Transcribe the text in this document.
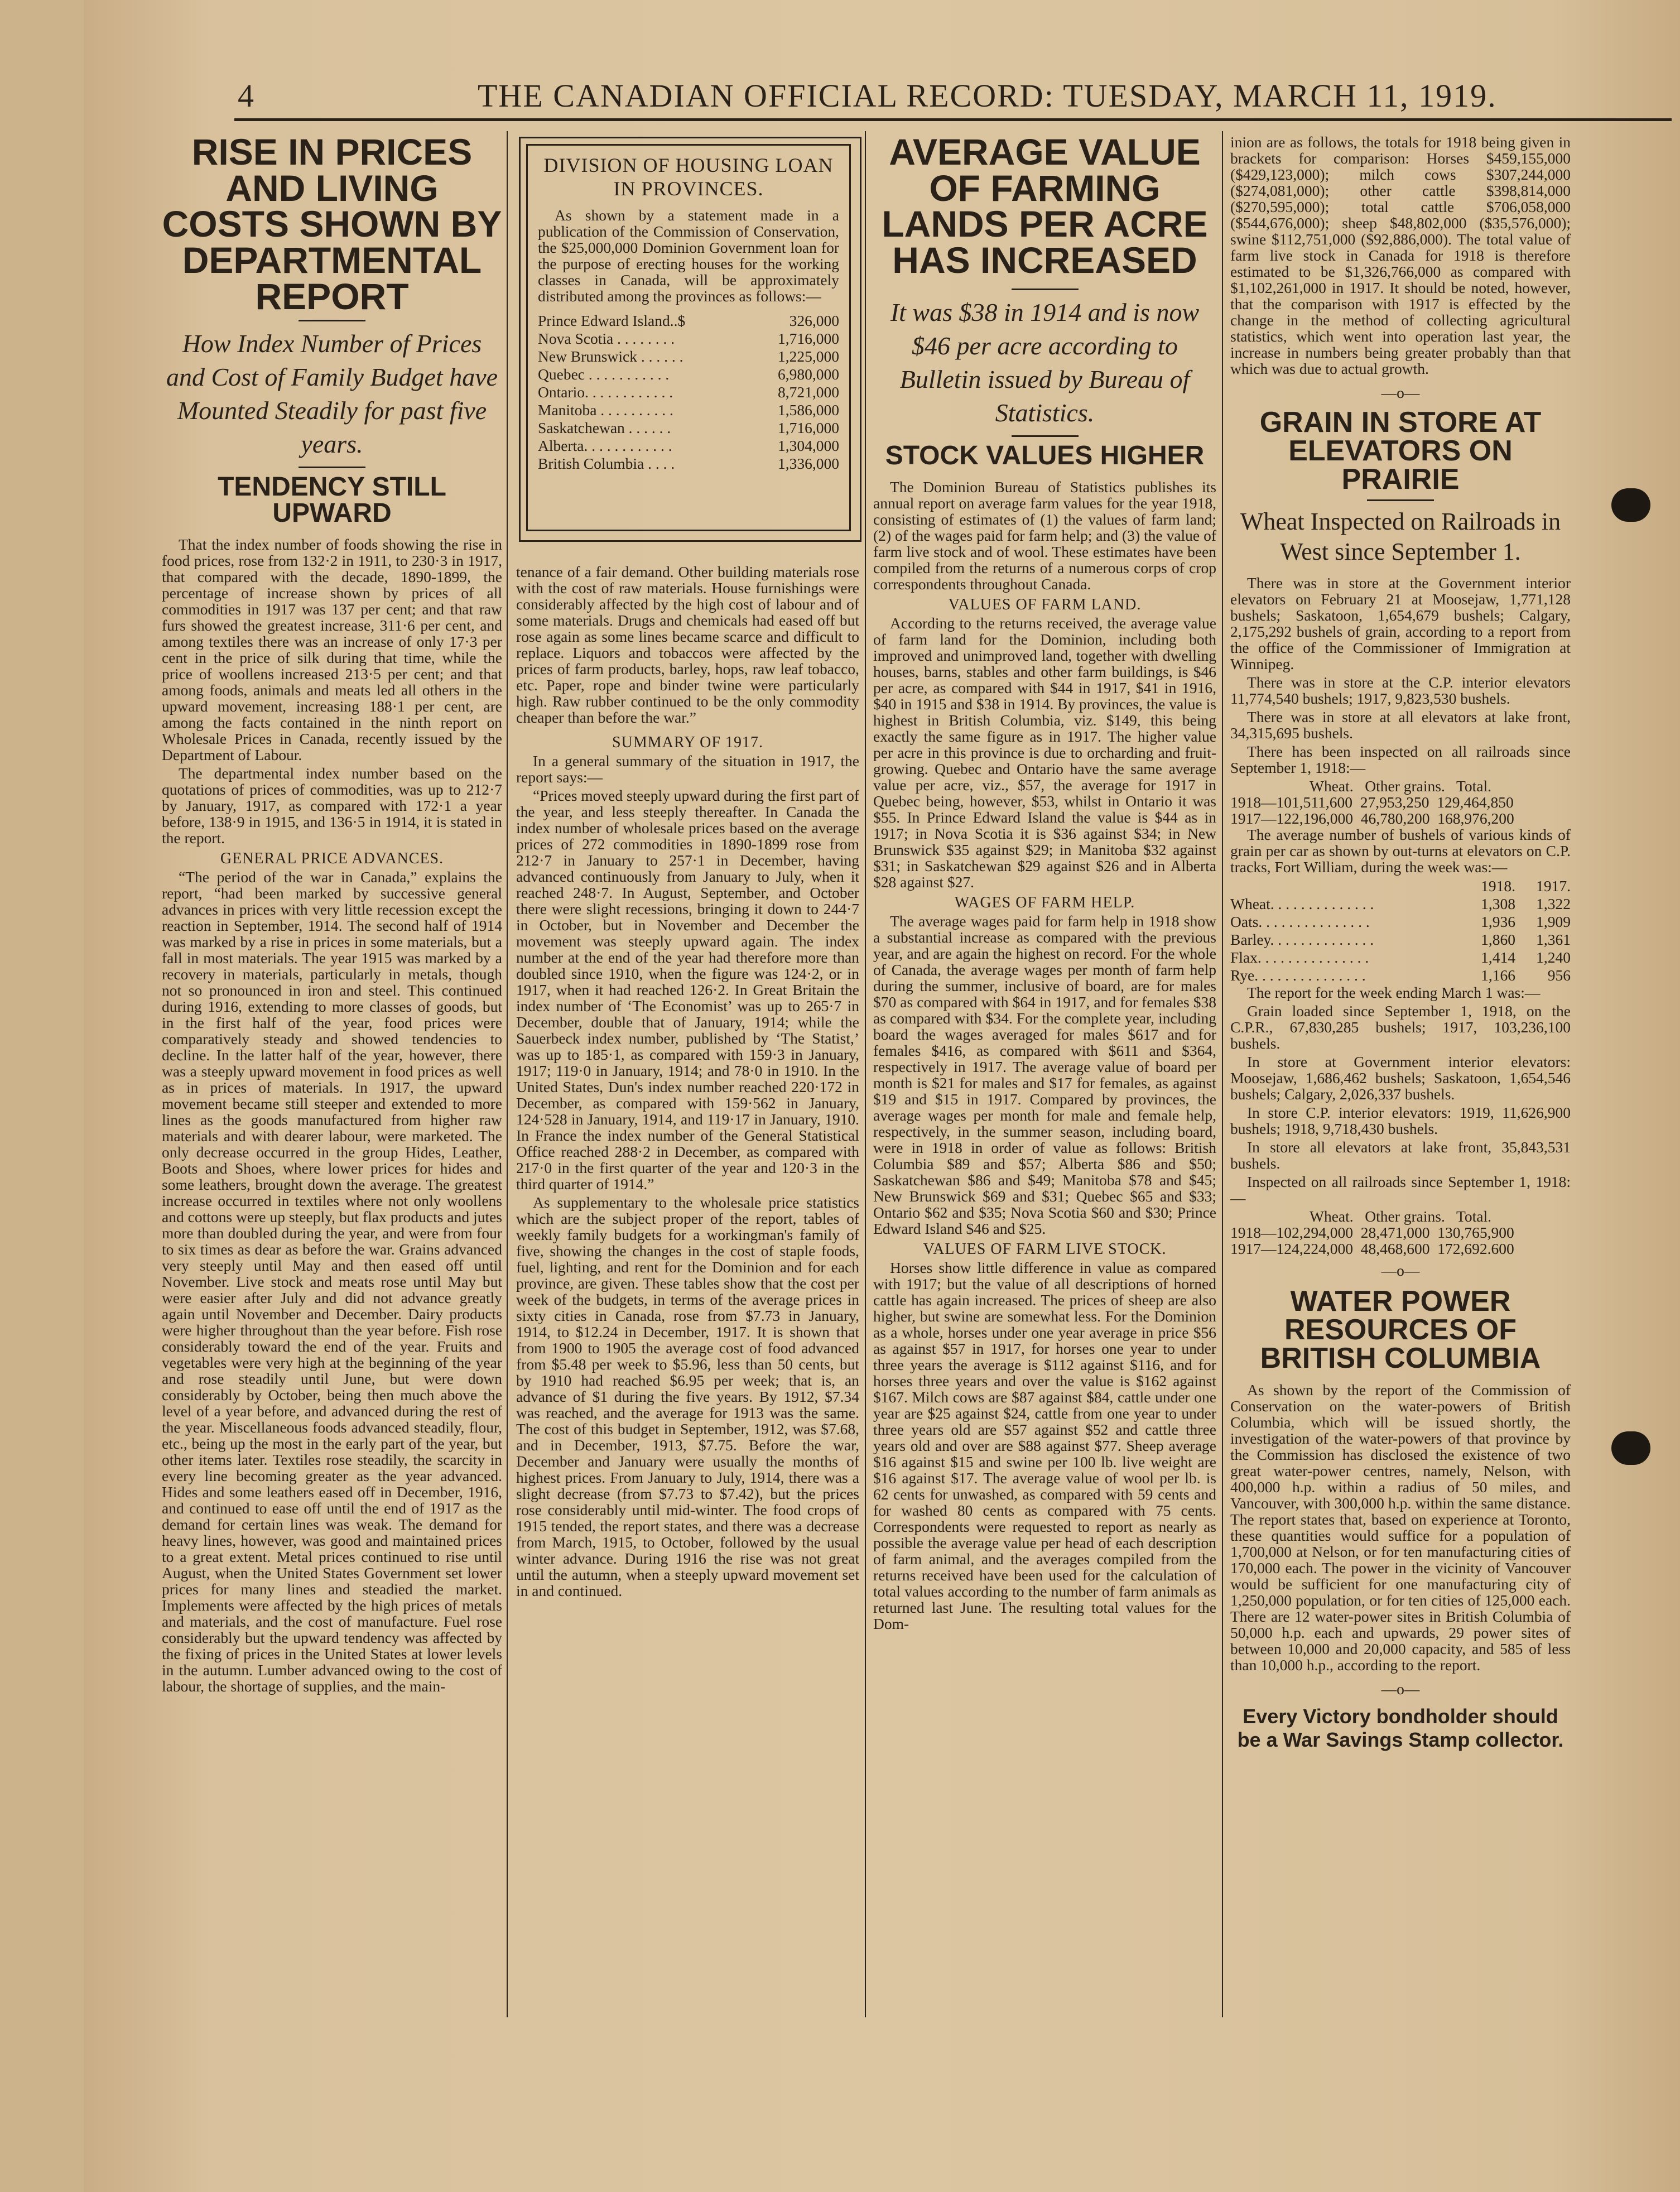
4	THE CANADIAN OFFICIAL RECORD: TUESDAY, MARCH 11, 1919.
RISE IN PRICES AND LIVING COSTS SHOWN BY DEPARTMENTAL REPORT
How Index Number of Prices and Cost of Family Budget have Mounted Steadily for past five years.
TENDENCY STILL UPWARD

That the index number of foods showing the rise in food prices, rose from 132·2 in 1911, to 230·3 in 1917, that compared with the decade, 1890-1899, the percentage of increase shown by prices of all commodities in 1917 was 137 per cent; and that raw furs showed the greatest increase, 311·6 per cent, and among textiles there was an increase of only 17·3 per cent in the price of silk during that time, while the price of woollens increased 213·5 per cent; and that among foods, animals and meats led all others in the upward movement, increasing 188·1 per cent, are among the facts contained in the ninth report on Wholesale Prices in Canada, recently issued by the Department of Labour.

The departmental index number based on the quotations of prices of commodities, was up to 212·7 by January, 1917, as compared with 172·1 a year before, 138·9 in 1915, and 136·5 in 1914, it is stated in the report.

GENERAL PRICE ADVANCES.

“The period of the war in Canada,” explains the report, “had been marked by successive general advances in prices with very little recession except the reaction in September, 1914. The second half of 1914 was marked by a rise in prices in some materials, but a fall in most materials. The year 1915 was marked by a recovery in materials, particularly in metals, though not so pronounced in iron and steel. This continued during 1916, extending to more classes of goods, but in the first half of the year, food prices were comparatively steady and showed tendencies to decline. In the latter half of the year, however, there was a steeply upward movement in food prices as well as in prices of materials. In 1917, the upward movement became still steeper and extended to more lines as the goods manufactured from higher raw materials and with dearer labour, were marketed. The only decrease occurred in the group Hides, Leather, Boots and Shoes, where lower prices for hides and some leathers, brought down the average. The greatest increase occurred in textiles where not only woollens and cottons were up steeply, but flax products and jutes more than doubled during the year, and were from four to six times as dear as before the war. Grains advanced very steeply until May and then eased off until November. Live stock and meats rose until May but were easier after July and did not advance greatly again until November and December. Dairy products were higher throughout than the year before. Fish rose considerably toward the end of the year. Fruits and vegetables were very high at the beginning of the year and rose steadily until June, but were down considerably by October, being then much above the level of a year before, and advanced during the rest of the year. Miscellaneous foods advanced steadily, flour, etc., being up the most in the early part of the year, but other items later. Textiles rose steadily, the scarcity in every line becoming greater as the year advanced. Hides and some leathers eased off in December, 1916, and continued to ease off until the end of 1917 as the demand for certain lines was weak. The demand for heavy lines, however, was good and maintained prices to a great extent. Metal prices continued to rise until August, when the United States Government set lower prices for many lines and steadied the market. Implements were affected by the high prices of metals and materials, and the cost of manufacture. Fuel rose considerably but the upward tendency was affected by the fixing of prices in the United States at lower levels in the autumn. Lumber advanced owing to the cost of labour, the shortage of supplies, and the main-

DIVISION OF HOUSING LOAN IN PROVINCES.

As shown by a statement made in a publication of the Commission of Conservation, the $25,000,000 Dominion Government loan for the purpose of erecting houses for the working classes in Canada, will be approximately distributed among the provinces as follows:—

Prince Edward Island..$	326,000
Nova Scotia . . . . . . . .	1,716,000
New Brunswick . . . . . .	1,225,000
Quebec . . . . . . . . . . .	6,980,000
Ontario. . . . . . . . . . . .	8,721,000
Manitoba . . . . . . . . . .	1,586,000
Saskatchewan . . . . . .	1,716,000
Alberta. . . . . . . . . . . .	1,304,000
British Columbia . . . .	1,336,000

tenance of a fair demand. Other building materials rose with the cost of raw materials. House furnishings were considerably affected by the high cost of labour and of some materials. Drugs and chemicals had eased off but rose again as some lines became scarce and difficult to replace. Liquors and tobaccos were affected by the prices of farm products, barley, hops, raw leaf tobacco, etc. Paper, rope and binder twine were particularly high. Raw rubber continued to be the only commodity cheaper than before the war.”

SUMMARY OF 1917.

In a general summary of the situation in 1917, the report says:—

“Prices moved steeply upward during the first part of the year, and less steeply thereafter. In Canada the index number of wholesale prices based on the average prices of 272 commodities in 1890-1899 rose from 212·7 in January to 257·1 in December, having advanced continuously from January to July, when it reached 248·7. In August, September, and October there were slight recessions, bringing it down to 244·7 in October, but in November and December the movement was steeply upward again. The index number at the end of the year had therefore more than doubled since 1910, when the figure was 124·2, or in 1917, when it had reached 126·2. In Great Britain the index number of ‘The Economist’ was up to 265·7 in December, double that of January, 1914; while the Sauerbeck index number, published by ‘The Statist,’ was up to 185·1, as compared with 159·3 in January, 1917; 119·0 in January, 1914; and 78·0 in 1910. In the United States, Dun's index number reached 220·172 in December, as compared with 159·562 in January, 124·528 in January, 1914, and 119·17 in January, 1910. In France the index number of the General Statistical Office reached 288·2 in December, as compared with 217·0 in the first quarter of the year and 120·3 in the third quarter of 1914.”

As supplementary to the wholesale price statistics which are the subject proper of the report, tables of weekly family budgets for a workingman's family of five, showing the changes in the cost of staple foods, fuel, lighting, and rent for the Dominion and for each province, are given. These tables show that the cost per week of the budgets, in terms of the average prices in sixty cities in Canada, rose from $7.73 in January, 1914, to $12.24 in December, 1917. It is shown that from 1900 to 1905 the average cost of food advanced from $5.48 per week to $5.96, less than 50 cents, but by 1910 had reached $6.95 per week; that is, an advance of $1 during the five years. By 1912, $7.34 was reached, and the average for 1913 was the same. The cost of this budget in September, 1912, was $7.68, and in December, 1913, $7.75. Before the war, December and January were usually the months of highest prices. From January to July, 1914, there was a slight decrease (from $7.73 to $7.42), but the prices rose considerably until mid-winter. The food crops of 1915 tended, the report states, and there was a decrease from March, 1915, to October, followed by the usual winter advance. During 1916 the rise was not great until the autumn, when a steeply upward movement set in and continued.

AVERAGE VALUE OF FARMING LANDS PER ACRE HAS INCREASED
It was $38 in 1914 and is now $46 per acre according to Bulletin issued by Bureau of Statistics.
STOCK VALUES HIGHER

The Dominion Bureau of Statistics publishes its annual report on average farm values for the year 1918, consisting of estimates of (1) the values of farm land; (2) of the wages paid for farm help; and (3) the value of farm live stock and of wool. These estimates have been compiled from the returns of a numerous corps of crop correspondents throughout Canada.

VALUES OF FARM LAND.

According to the returns received, the average value of farm land for the Dominion, including both improved and unimproved land, together with dwelling houses, barns, stables and other farm buildings, is $46 per acre, as compared with $44 in 1917, $41 in 1916, $40 in 1915 and $38 in 1914. By provinces, the value is highest in British Columbia, viz. $149, this being exactly the same figure as in 1917. The higher value per acre in this province is due to orcharding and fruit-growing. Quebec and Ontario have the same average value per acre, viz., $57, the average for 1917 in Quebec being, however, $53, whilst in Ontario it was $55. In Prince Edward Island the value is $44 as in 1917; in Nova Scotia it is $36 against $34; in New Brunswick $35 against $29; in Manitoba $32 against $31; in Saskatchewan $29 against $26 and in Alberta $28 against $27.

WAGES OF FARM HELP.

The average wages paid for farm help in 1918 show a substantial increase as compared with the previous year, and are again the highest on record. For the whole of Canada, the average wages per month of farm help during the summer, inclusive of board, are for males $70 as compared with $64 in 1917, and for females $38 as compared with $34. For the complete year, including board the wages averaged for males $617 and for females $416, as compared with $611 and $364, respectively in 1917. The average value of board per month is $21 for males and $17 for females, as against $19 and $15 in 1917. Compared by provinces, the average wages per month for male and female help, respectively, in the summer season, including board, were in 1918 in order of value as follows: British Columbia $89 and $57; Alberta $86 and $50; Saskatchewan $86 and $49; Manitoba $78 and $45; New Brunswick $69 and $31; Quebec $65 and $33; Ontario $62 and $35; Nova Scotia $60 and $30; Prince Edward Island $46 and $25.

VALUES OF FARM LIVE STOCK.

Horses show little difference in value as compared with 1917; but the value of all descriptions of horned cattle has again increased. The prices of sheep are also higher, but swine are somewhat less. For the Dominion as a whole, horses under one year average in price $56 as against $57 in 1917, for horses one year to under three years the average is $112 against $116, and for horses three years and over the value is $162 against $167. Milch cows are $87 against $84, cattle under one year are $25 against $24, cattle from one year to under three years old are $57 against $52 and cattle three years old and over are $88 against $77. Sheep average $16 against $15 and swine per 100 lb. live weight are $16 against $17. The average value of wool per lb. is 62 cents for unwashed, as compared with 59 cents and for washed 80 cents as compared with 75 cents. Correspondents were requested to report as nearly as possible the average value per head of each description of farm animal, and the averages compiled from the returns received have been used for the calculation of total values according to the number of farm animals as returned last June. The resulting total values for the Dom-

inion are as follows, the totals for 1918 being given in brackets for comparison: Horses $459,155,000 ($429,123,000); milch cows $307,244,000 ($274,081,000); other cattle $398,814,000 ($270,595,000); total cattle $706,058,000 ($544,676,000); sheep $48,802,000 ($35,576,000); swine $112,751,000 ($92,886,000). The total value of farm live stock in Canada for 1918 is therefore estimated to be $1,326,766,000 as compared with $1,102,261,000 in 1917. It should be noted, however, that the comparison with 1917 is effected by the change in the method of collecting agricultural statistics, which went into operation last year, the increase in numbers being greater probably than that which was due to actual growth.

—o—
GRAIN IN STORE AT ELEVATORS ON PRAIRIE
Wheat Inspected on Railroads in West since September 1.

There was in store at the Government interior elevators on February 21 at Moosejaw, 1,771,128 bushels; Saskatoon, 1,654,679 bushels; Calgary, 2,175,292 bushels of grain, according to a report from the office of the Commissioner of Immigration at Winnipeg.

There was in store at the C.P. interior elevators 11,774,540 bushels; 1917, 9,823,530 bushels.

There was in store at all elevators at lake front, 34,315,695 bushels.

There has been inspected on all railroads since September 1, 1918:—

Wheat.   Other grains.   Total.
1918—101,511,600  27,953,250  129,464,850
1917—122,196,000  46,780,200  168,976,200

The average number of bushels of various kinds of grain per car as shown by out-turns at elevators on C.P. tracks, Fort William, during the week was:—

	1918.	1917.
Wheat. . . . . . . . . . . . . .	1,308	1,322
Oats. . . . . . . . . . . . . . .	1,936	1,909
Barley. . . . . . . . . . . . . .	1,860	1,361
Flax. . . . . . . . . . . . . . .	1,414	1,240
Rye. . . . . . . . . . . . . . .	1,166	956

The report for the week ending March 1 was:—

Grain loaded since September 1, 1918, on the C.P.R., 67,830,285 bushels; 1917, 103,236,100 bushels.

In store at Government interior elevators: Moosejaw, 1,686,462 bushels; Saskatoon, 1,654,546 bushels; Calgary, 2,026,337 bushels.

In store C.P. interior elevators: 1919, 11,626,900 bushels; 1918, 9,718,430 bushels.

In store all elevators at lake front, 35,843,531 bushels.

Inspected on all railroads since September 1, 1918:—

Wheat.   Other grains.   Total.
1918—102,294,000  28,471,000  130,765,900
1917—124,224,000  48,468,600  172,692.600
—o—
WATER POWER RESOURCES OF BRITISH COLUMBIA

As shown by the report of the Commission of Conservation on the water-powers of British Columbia, which will be issued shortly, the investigation of the water-powers of that province by the Commission has disclosed the existence of two great water-power centres, namely, Nelson, with 400,000 h.p. within a radius of 50 miles, and Vancouver, with 300,000 h.p. within the same distance. The report states that, based on experience at Toronto, these quantities would suffice for a population of 1,700,000 at Nelson, or for ten manufacturing cities of 170,000 each. The power in the vicinity of Vancouver would be sufficient for one manufacturing city of 1,250,000 population, or for ten cities of 125,000 each. There are 12 water-power sites in British Columbia of 50,000 h.p. each and upwards, 29 power sites of between 10,000 and 20,000 capacity, and 585 of less than 10,000 h.p., according to the report.

—o—
Every Victory bondholder should be a War Savings Stamp collector.
